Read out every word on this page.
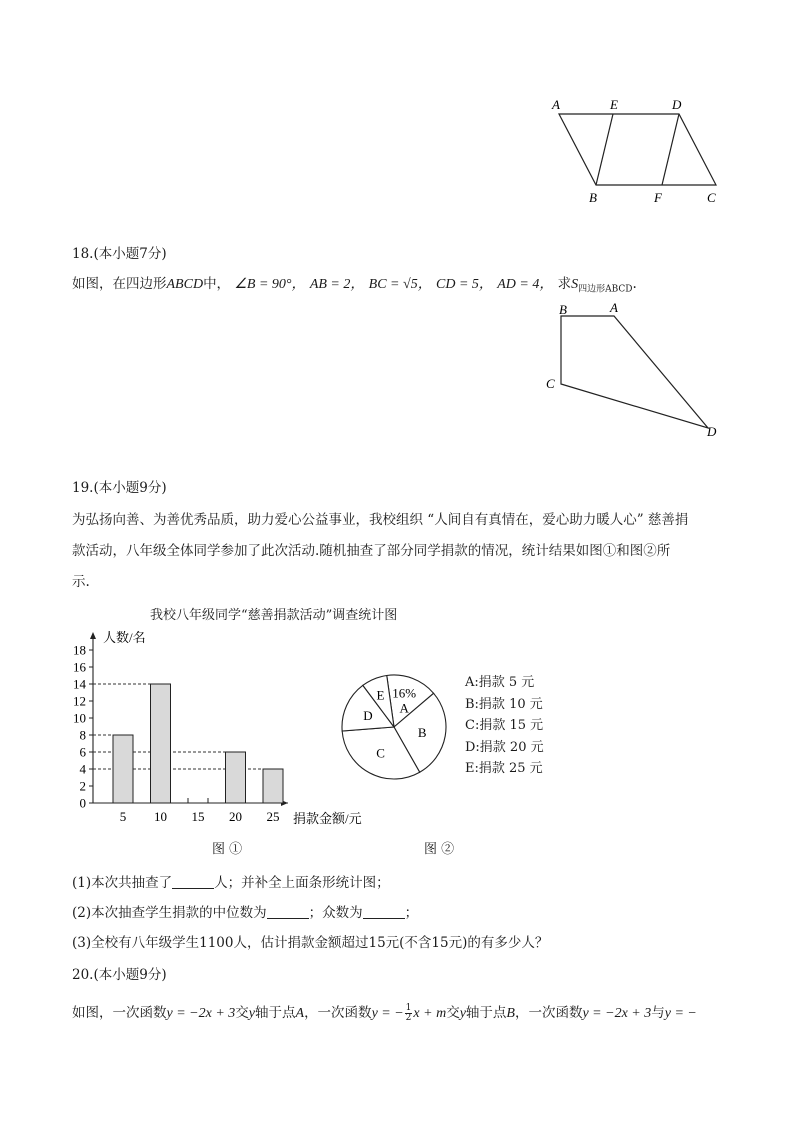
A	E	D
B	F	C
18.(本小题7分)
如图，在四边形ABCD中， ∠B = 90°， AB = 2， BC = √5， CD = 5， AD = 4， 求$S_{四边形ABCD}$.
B	A
C
D
19.(本小题9分)
为弘扬向善、为善优秀品质，助力爱心公益事业，我校组织 “人间自有真情在，爱心助力暖人心” 慈善捐
款活动，八年级全体同学参加了此次活动.随机抽查了部分同学捐款的情况，统计结果如图①和图②所
示.
我校八年级同学“慈善捐款活动”调查统计图
0
2
4
6
8
10
12
14
16
18
5 10 15 20 25
人数/名
捐款金额/元
16%
A
B
C
D
E
A:捐款 5 元
B:捐款 10 元
C:捐款 15 元
D:捐款 20 元
E:捐款 25 元
图 ①	图 ②
(1)本次共抽查了	人；并补全上面条形统计图；
(2)本次抽查学生捐款的中位数为	；众数为	；
(3)全校有八年级学生1100人，估计捐款金额超过15元(不含15元)的有多少人？
20.(本小题9分)
如图，一次函数y = −2x + 3交y轴于点A，一次函数y = − $\frac{1}{2}$ x + m交y轴于点B，一次函数y = −2x + 3与y = −
